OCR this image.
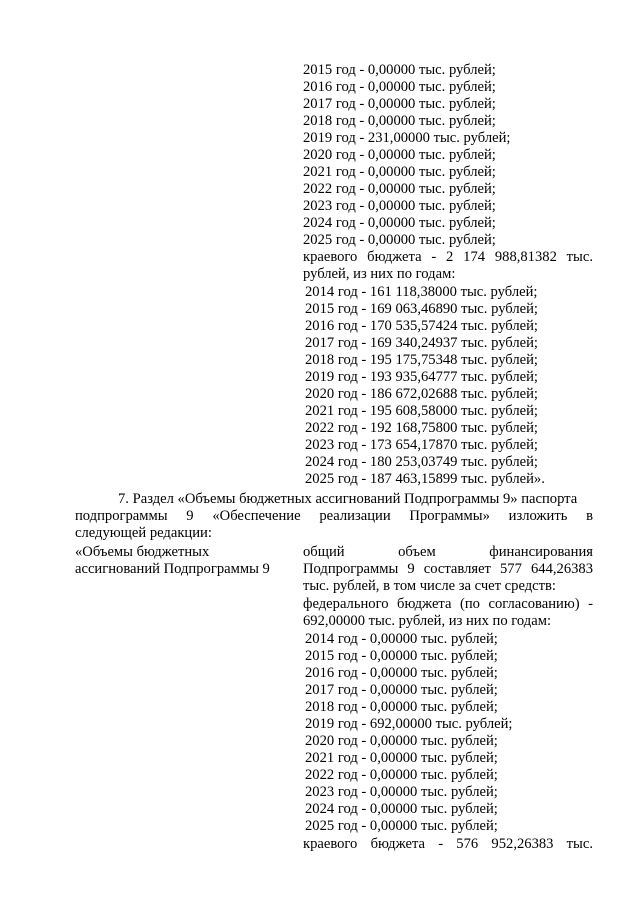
2015 год - 0,00000 тыс. рублей;
2016 год - 0,00000 тыс. рублей;
2017 год - 0,00000 тыс. рублей;
2018 год - 0,00000 тыс. рублей;
2019 год - 231,00000 тыс. рублей;
2020 год - 0,00000 тыс. рублей;
2021 год - 0,00000 тыс. рублей;
2022 год - 0,00000 тыс. рублей;
2023 год - 0,00000 тыс. рублей;
2024 год - 0,00000 тыс. рублей;
2025 год - 0,00000 тыс. рублей;
краевого бюджета - 2 174 988,81382 тыс.
рублей, из них по годам:
2014 год - 161 118,38000 тыс. рублей;
2015 год - 169 063,46890 тыс. рублей;
2016 год - 170 535,57424 тыс. рублей;
2017 год - 169 340,24937 тыс. рублей;
2018 год - 195 175,75348 тыс. рублей;
2019 год - 193 935,64777 тыс. рублей;
2020 год - 186 672,02688 тыс. рублей;
2021 год - 195 608,58000 тыс. рублей;
2022 год - 192 168,75800 тыс. рублей;
2023 год - 173 654,17870 тыс. рублей;
2024 год - 180 253,03749 тыс. рублей;
2025 год - 187 463,15899 тыс. рублей».
7. Раздел «Объемы бюджетных ассигнований Подпрограммы 9» паспорта
подпрограммы 9 «Обеспечение реализации Программы» изложить в
следующей редакции:
«Объемы бюджетных
ассигнований Подпрограммы 9
общий объем финансирования
Подпрограммы 9 составляет 577 644,26383
тыс. рублей, в том числе за счет средств:
федерального бюджета (по согласованию) -
692,00000 тыс. рублей, из них по годам:
2014 год - 0,00000 тыс. рублей;
2015 год - 0,00000 тыс. рублей;
2016 год - 0,00000 тыс. рублей;
2017 год - 0,00000 тыс. рублей;
2018 год - 0,00000 тыс. рублей;
2019 год - 692,00000 тыс. рублей;
2020 год - 0,00000 тыс. рублей;
2021 год - 0,00000 тыс. рублей;
2022 год - 0,00000 тыс. рублей;
2023 год - 0,00000 тыс. рублей;
2024 год - 0,00000 тыс. рублей;
2025 год - 0,00000 тыс. рублей;
краевого бюджета - 576 952,26383 тыс.
